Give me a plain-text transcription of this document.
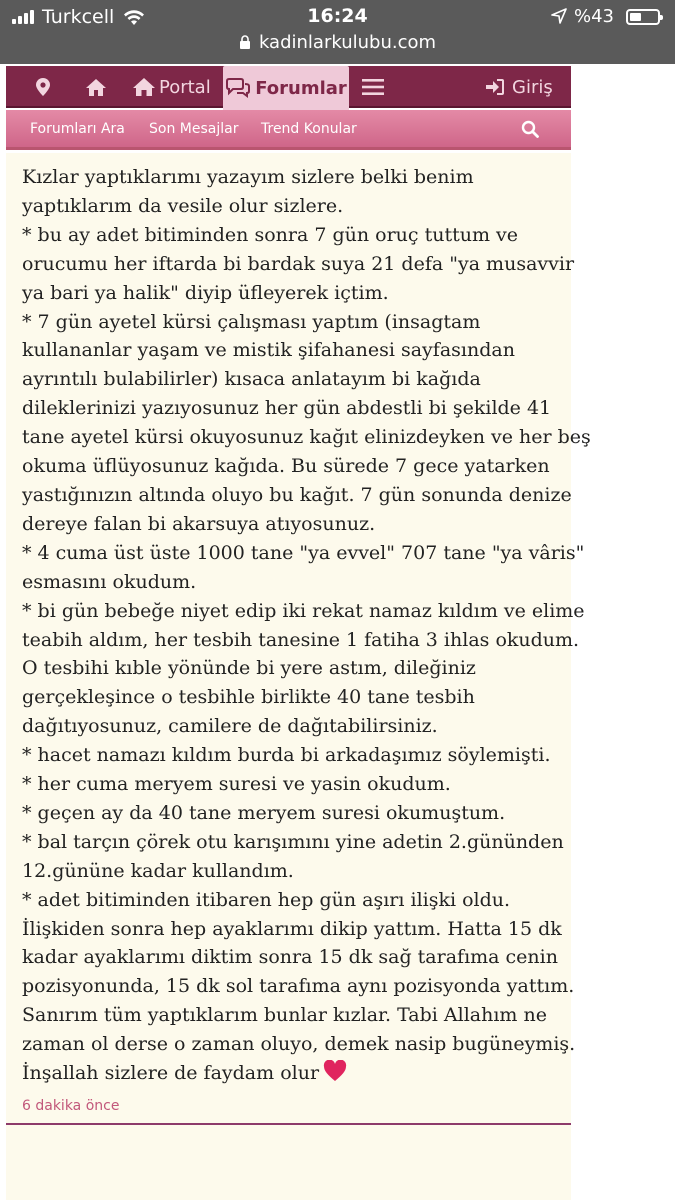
Turkcell	16:24	%43
kadinlarkulubu.com
Portal Forumlar	Giriş
Forumları Ara Son Mesajlar Trend Konular

Kızlar yaptıklarımı yazayım sizlere belki benim

yaptıklarım da vesile olur sizlere.

* bu ay adet bitiminden sonra 7 gün oruç tuttum ve

orucumu her iftarda bi bardak suya 21 defa "ya musavvir

ya bari ya halik" diyip üfleyerek içtim.

* 7 gün ayetel kürsi çalışması yaptım (insagtam

kullananlar yaşam ve mistik şifahanesi sayfasından

ayrıntılı bulabilirler) kısaca anlatayım bi kağıda

dileklerinizi yazıyosunuz her gün abdestli bi şekilde 41

tane ayetel kürsi okuyosunuz kağıt elinizdeyken ve her beş

okuma üflüyosunuz kağıda. Bu sürede 7 gece yatarken

yastığınızın altında oluyo bu kağıt. 7 gün sonunda denize

dereye falan bi akarsuya atıyosunuz.

* 4 cuma üst üste 1000 tane "ya evvel" 707 tane "ya vâris"

esmasını okudum.

* bi gün bebeğe niyet edip iki rekat namaz kıldım ve elime

teabih aldım, her tesbih tanesine 1 fatiha 3 ihlas okudum.

O tesbihi kıble yönünde bi yere astım, dileğiniz

gerçekleşince o tesbihle birlikte 40 tane tesbih

dağıtıyosunuz, camilere de dağıtabilirsiniz.

* hacet namazı kıldım burda bi arkadaşımız söylemişti.

* her cuma meryem suresi ve yasin okudum.

* geçen ay da 40 tane meryem suresi okumuştum.

* bal tarçın çörek otu karışımını yine adetin 2.gününden

12.gününe kadar kullandım.

* adet bitiminden itibaren hep gün aşırı ilişki oldu.

İlişkiden sonra hep ayaklarımı dikip yattım. Hatta 15 dk

kadar ayaklarımı diktim sonra 15 dk sağ tarafıma cenin

pozisyonunda, 15 dk sol tarafıma aynı pozisyonda yattım.

Sanırım tüm yaptıklarım bunlar kızlar. Tabi Allahım ne

zaman ol derse o zaman oluyo, demek nasip bugüneymiş.

İnşallah sizlere de faydam olur

6 dakika önce
